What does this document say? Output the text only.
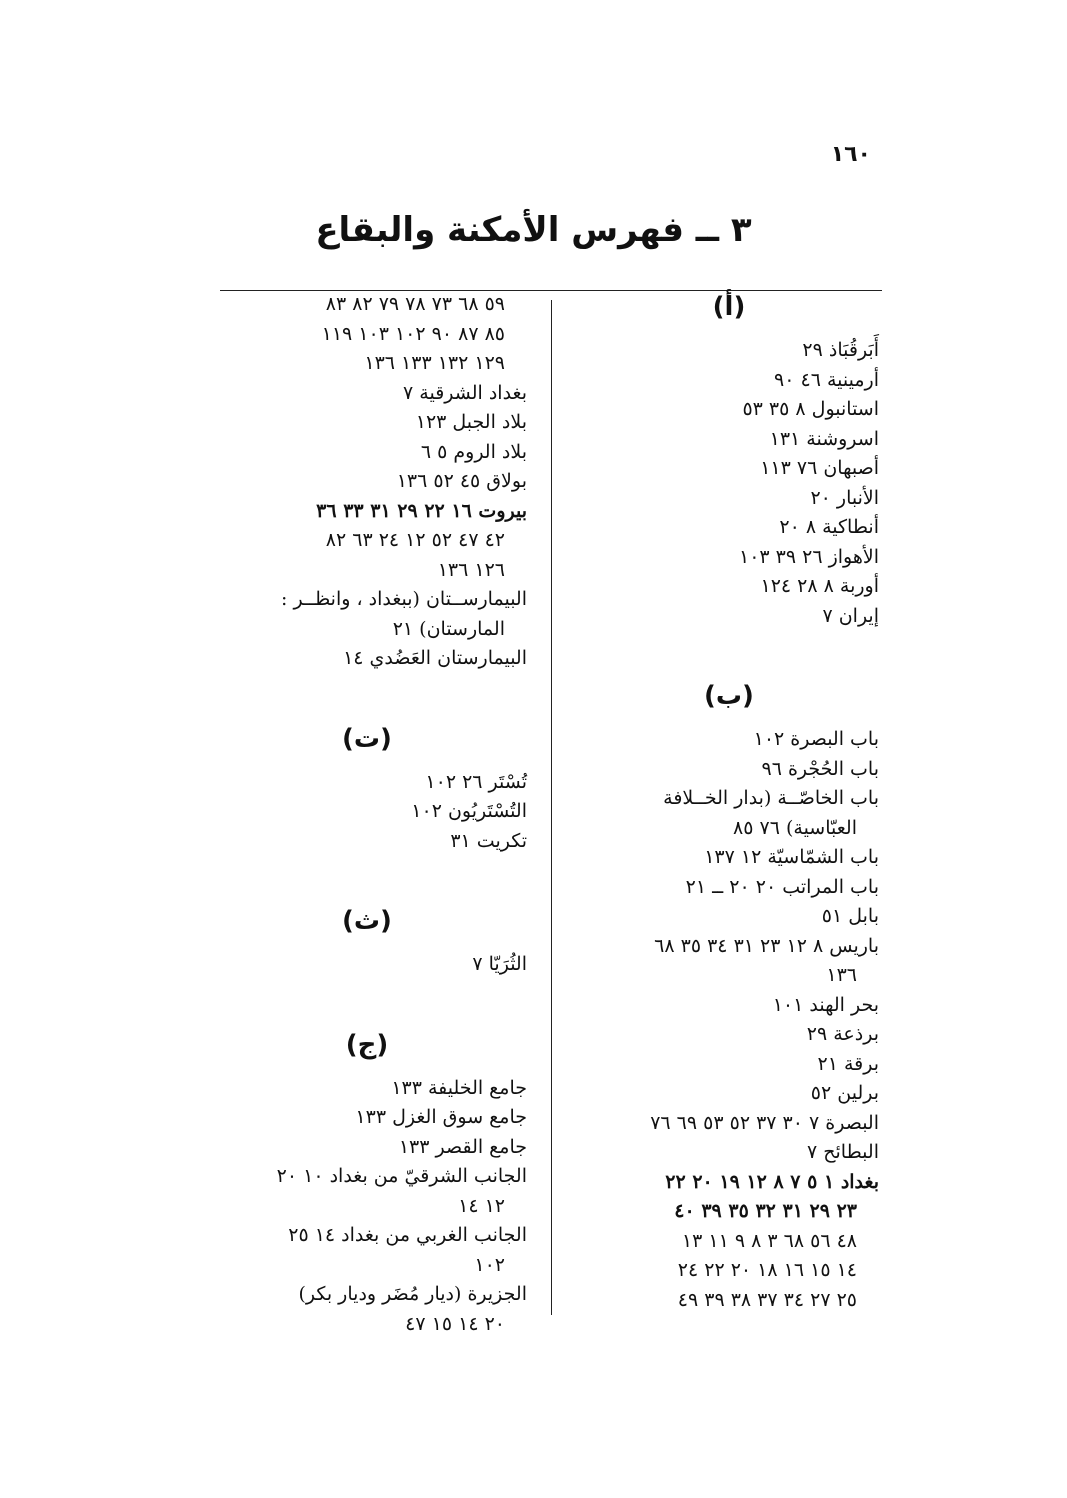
١٦٠
٣ ــ فهرس الأمكنة والبقاع
(أ)
أَبَرقُبَاذ ٢٩
أرمينية ٤٦ ٩٠
استانبول ٨ ٣٥ ٥٣
اسروشنة ١٣١
أصبهان ٧٦ ١١٣
الأنبار ٢٠
أنطاكية ٨ ٢٠
الأهواز ٢٦ ٣٩ ١٠٣
أوربة ٨ ٢٨ ١٢٤
إيران ٧
(ب)
باب البصرة ١٠٢
باب الحُجْرة ٩٦
باب الخاصّــة (بدار الخــلافة
العبّاسية) ٧٦ ٨٥
باب الشمّاسيّة ١٢ ١٣٧
باب المراتب ٢٠ ٢٠ ــ ٢١
بابل ٥١
باريس ٨ ١٢ ٢٣ ٣١ ٣٤ ٣٥ ٦٨
١٣٦
بحر الهند ١٠١
برذعة ٢٩
برقة ٢١
برلين ٥٢
البصرة ٧ ٣٠ ٣٧ ٥٢ ٥٣ ٦٩ ٧٦
البطائح ٧
بغداد ١ ٥ ٧ ٨ ١٢ ١٩ ٢٠ ٢٢
٢٣ ٢٩ ٣١ ٣٢ ٣٥ ٣٩ ٤٠
٤٨ ٥٦ ٦٨ ٣ ٨ ٩ ١١ ١٣
١٤ ١٥ ١٦ ١٨ ٢٠ ٢٢ ٢٤
٢٥ ٢٧ ٣٤ ٣٧ ٣٨ ٣٩ ٤٩
٥٩ ٦٨ ٧٣ ٧٨ ٧٩ ٨٢ ٨٣
٨٥ ٨٧ ٩٠ ١٠٢ ١٠٣ ١١٩
١٢٩ ١٣٢ ١٣٣ ١٣٦
بغداد الشرقية ٧
بلاد الجبل ١٢٣
بلاد الروم ٥ ٦
بولاق ٤٥ ٥٢ ١٣٦
بيروت ١٦ ٢٢ ٢٩ ٣١ ٣٣ ٣٦
٤٢ ٤٧ ٥٢ ١٢ ٢٤ ٦٣ ٨٢
١٢٦ ١٣٦
البيمارســتان (ببغداد ، وانظــر :
المارستان) ٢١
البيمارستان العَضُدي ١٤
(ت)
تُسْتَر ٢٦ ١٠٢
التُسْتَريُون ١٠٢
تكريت ٣١
(ث)
الثُرَيّا ٧
(ج)
جامع الخليفة ١٣٣
جامع سوق الغزل ١٣٣
جامع القصر ١٣٣
الجانب الشرقيّ من بغداد ١٠ ٢٠
١٢ ١٤
الجانب الغربي من بغداد ١٤ ٢٥
١٠٢
الجزيرة (ديار مُضَر وديار بكر)
٢٠ ١٤ ١٥ ٤٧
